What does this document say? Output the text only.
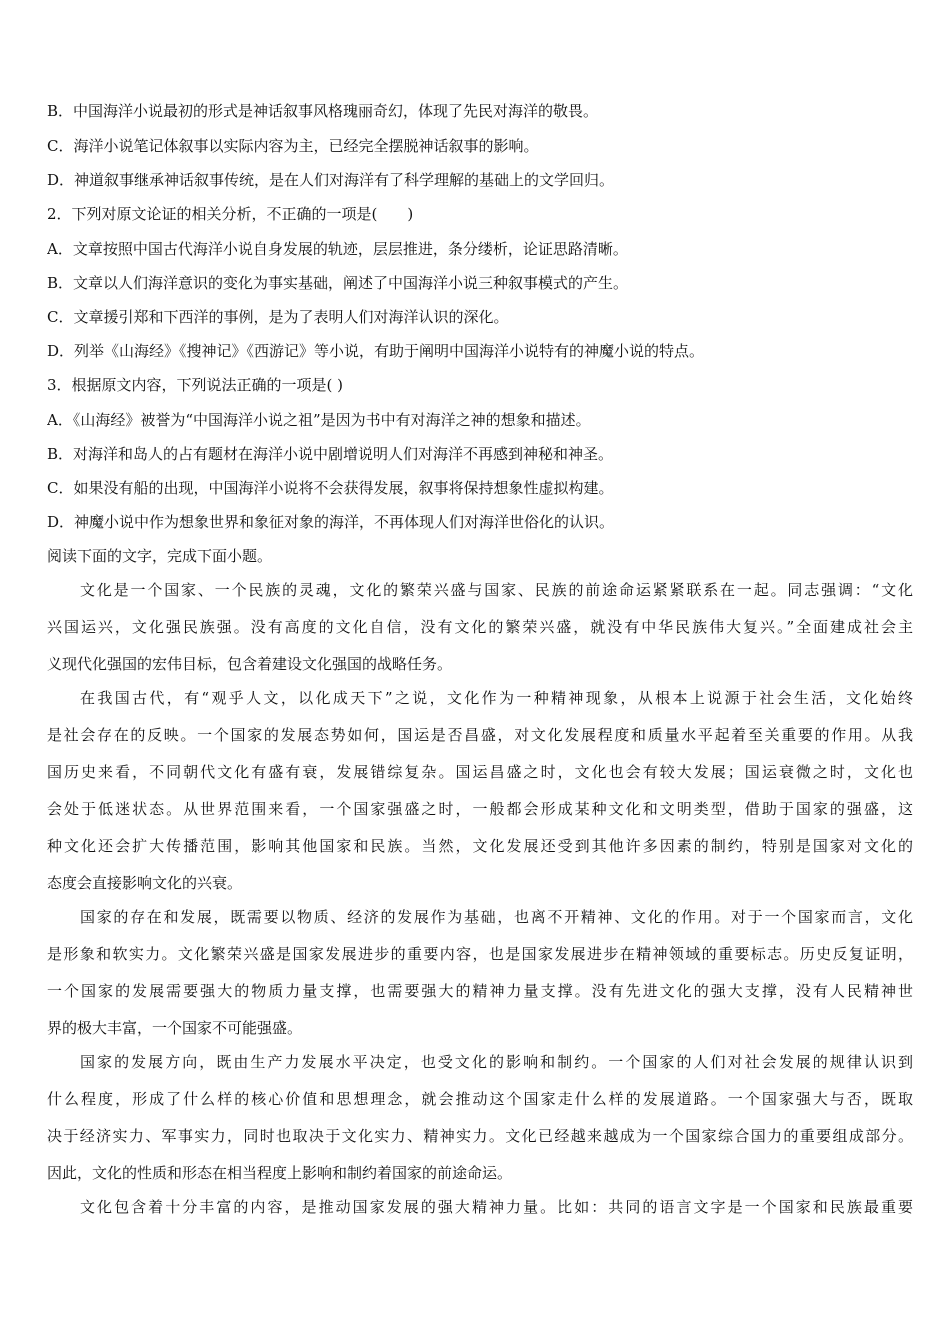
B．中国海洋小说最初的形式是神话叙事风格瑰丽奇幻，体现了先民对海洋的敬畏。
C．海洋小说笔记体叙事以实际内容为主，已经完全摆脱神话叙事的影响。
D．神道叙事继承神话叙事传统，是在人们对海洋有了科学理解的基础上的文学回归。
2．下列对原文论证的相关分析，不正确的一项是(　　)
A．文章按照中国古代海洋小说自身发展的轨迹，层层推进，条分缕析，论证思路清晰。
B．文章以人们海洋意识的变化为事实基础，阐述了中国海洋小说三种叙事模式的产生。
C．文章援引郑和下西洋的事例，是为了表明人们对海洋认识的深化。
D．列举《山海经》《搜神记》《西游记》等小说，有助于阐明中国海洋小说特有的神魔小说的特点。
3．根据原文内容，下列说法正确的一项是( )
A．《山海经》被誉为“中国海洋小说之祖”是因为书中有对海洋之神的想象和描述。
B．对海洋和岛人的占有题材在海洋小说中剧增说明人们对海洋不再感到神秘和神圣。
C．如果没有船的出现，中国海洋小说将不会获得发展，叙事将保持想象性虚拟构建。
D．神魔小说中作为想象世界和象征对象的海洋，不再体现人们对海洋世俗化的认识。
阅读下面的文字，完成下面小题。
文化是一个国家、一个民族的灵魂，文化的繁荣兴盛与国家、民族的前途命运紧紧联系在一起。同志强调：“文化
兴国运兴，文化强民族强。没有高度的文化自信，没有文化的繁荣兴盛，就没有中华民族伟大复兴。”全面建成社会主
义现代化强国的宏伟目标，包含着建设文化强国的战略任务。
在我国古代，有“观乎人文，以化成天下”之说，文化作为一种精神现象，从根本上说源于社会生活，文化始终
是社会存在的反映。一个国家的发展态势如何，国运是否昌盛，对文化发展程度和质量水平起着至关重要的作用。从我
国历史来看，不同朝代文化有盛有衰，发展错综复杂。国运昌盛之时，文化也会有较大发展；国运衰微之时，文化也
会处于低迷状态。从世界范围来看，一个国家强盛之时，一般都会形成某种文化和文明类型，借助于国家的强盛，这
种文化还会扩大传播范围，影响其他国家和民族。当然，文化发展还受到其他许多因素的制约，特别是国家对文化的
态度会直接影响文化的兴衰。
国家的存在和发展，既需要以物质、经济的发展作为基础，也离不开精神、文化的作用。对于一个国家而言，文化
是形象和软实力。文化繁荣兴盛是国家发展进步的重要内容，也是国家发展进步在精神领域的重要标志。历史反复证明，
一个国家的发展需要强大的物质力量支撑，也需要强大的精神力量支撑。没有先进文化的强大支撑，没有人民精神世
界的极大丰富，一个国家不可能强盛。
国家的发展方向，既由生产力发展水平决定，也受文化的影响和制约。一个国家的人们对社会发展的规律认识到
什么程度，形成了什么样的核心价值和思想理念，就会推动这个国家走什么样的发展道路。一个国家强大与否，既取
决于经济实力、军事实力，同时也取决于文化实力、精神实力。文化已经越来越成为一个国家综合国力的重要组成部分。
因此，文化的性质和形态在相当程度上影响和制约着国家的前途命运。
文化包含着十分丰富的内容，是推动国家发展的强大精神力量。比如：共同的语言文字是一个国家和民族最重要
